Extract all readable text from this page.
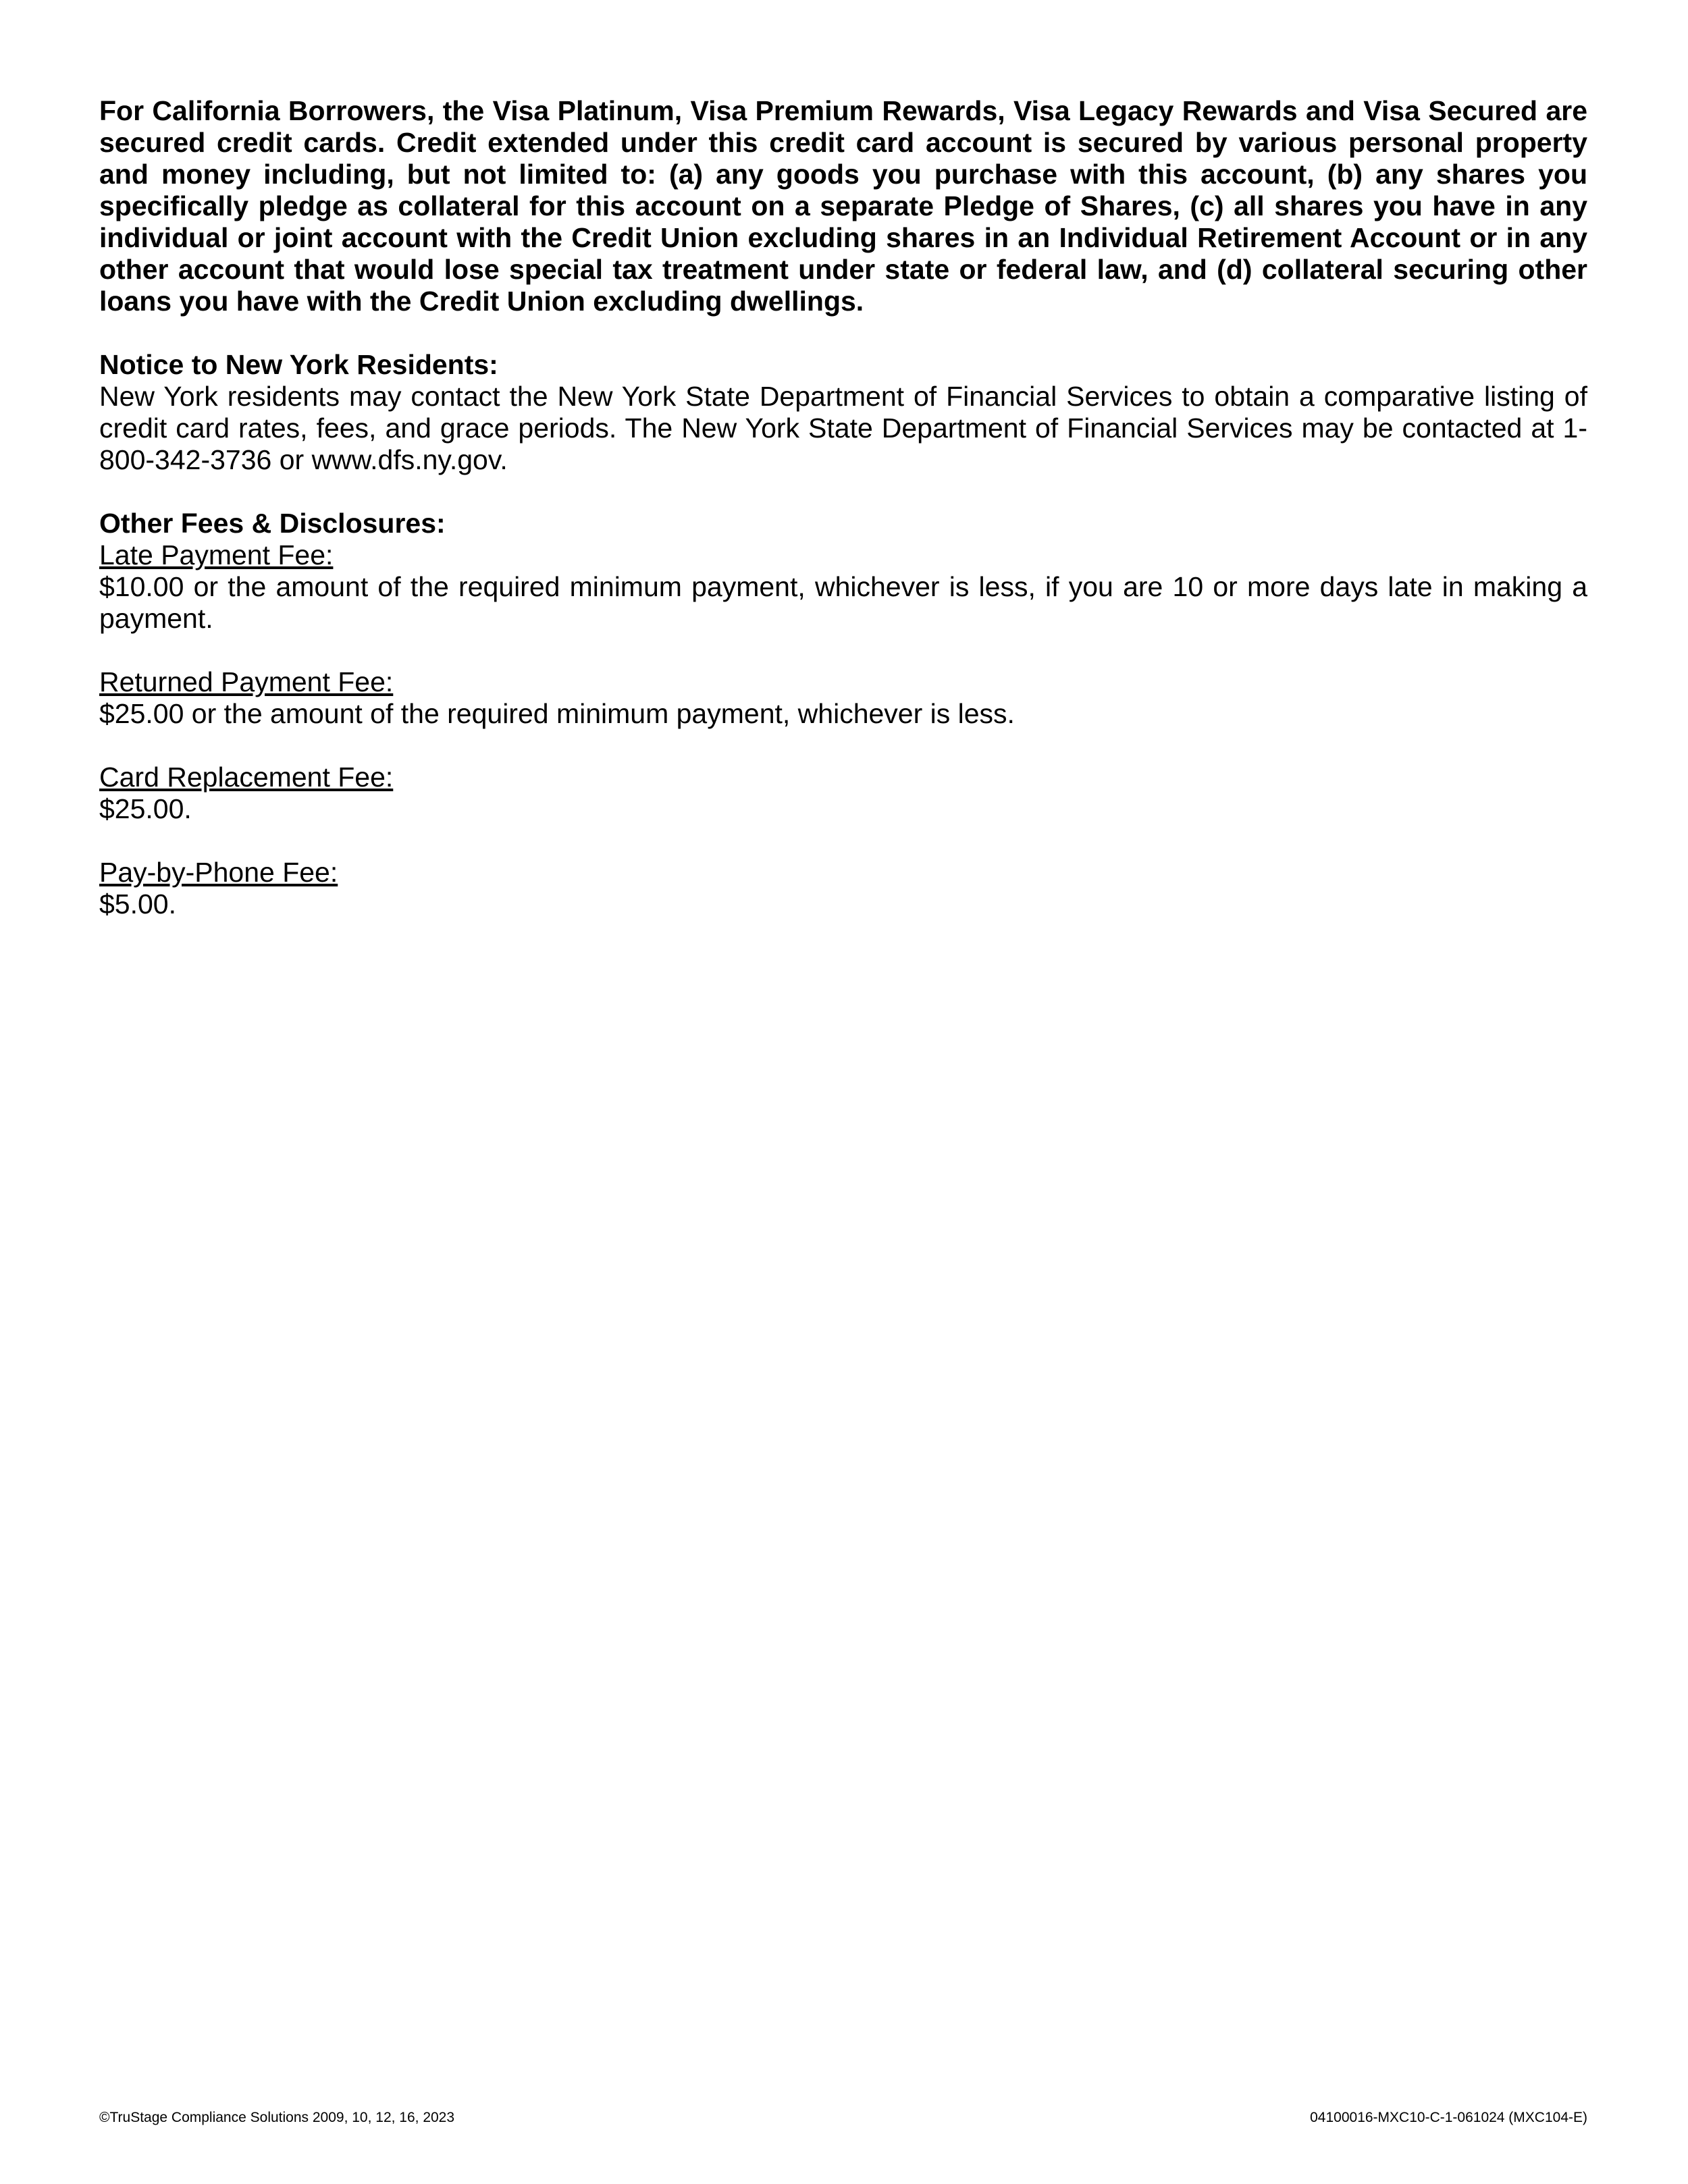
For California Borrowers, the Visa Platinum, Visa Premium Rewards, Visa Legacy Rewards and Visa Secured are secured credit cards. Credit extended under this credit card account is secured by various personal property and money including, but not limited to: (a) any goods you purchase with this account, (b) any shares you specifically pledge as collateral for this account on a separate Pledge of Shares, (c) all shares you have in any individual or joint account with the Credit Union excluding shares in an Individual Retirement Account or in any other account that would lose special tax treatment under state or federal law, and (d) collateral securing other loans you have with the Credit Union excluding dwellings.

Notice to New York Residents:

New York residents may contact the New York State Department of Financial Services to obtain a comparative listing of credit card rates, fees, and grace periods. The New York State Department of Financial Services may be contacted at 1-800-342-3736 or www.dfs.ny.gov.

Other Fees & Disclosures:

Late Payment Fee:

$10.00 or the amount of the required minimum payment, whichever is less, if you are 10 or more days late in making a payment.

Returned Payment Fee:

$25.00 or the amount of the required minimum payment, whichever is less.

Card Replacement Fee:

$25.00.

Pay-by-Phone Fee:

$5.00.

©TruStage Compliance Solutions 2009, 10, 12, 16, 2023	04100016-MXC10-C-1-061024 (MXC104-E)
